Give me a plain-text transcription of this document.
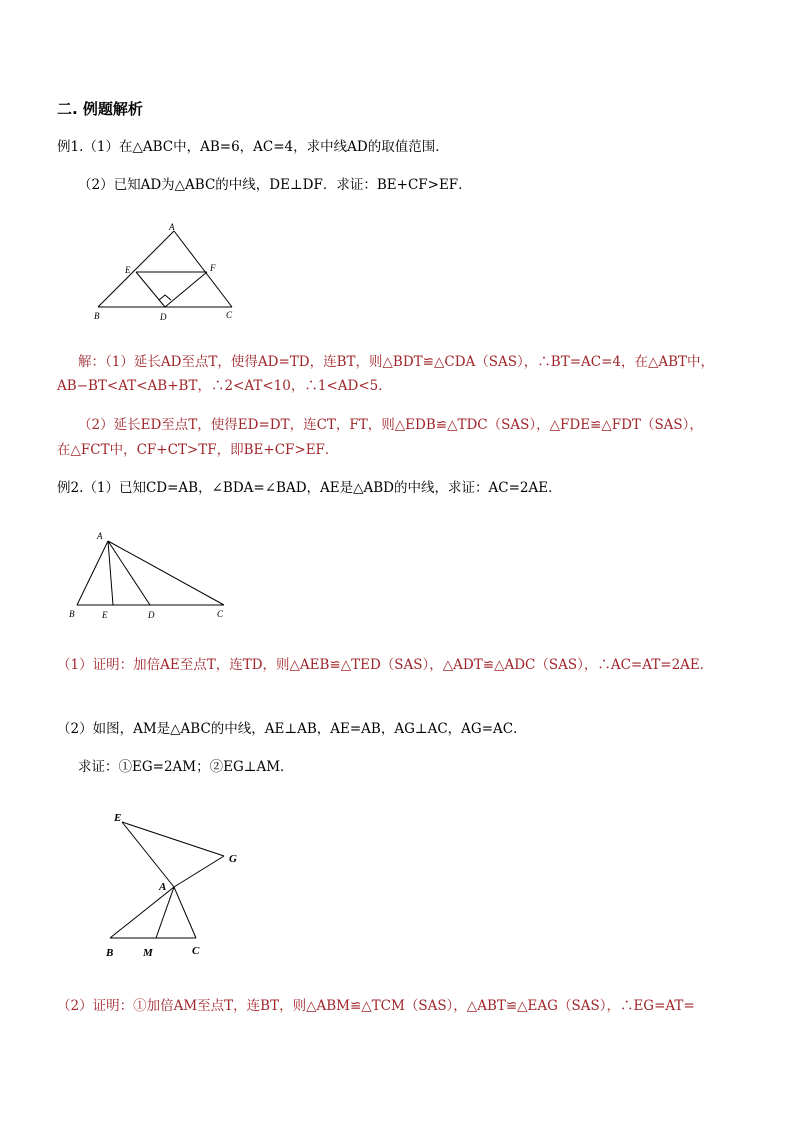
二. 例题解析
例1.（1）在△ABC中，AB=6，AC=4，求中线AD的取值范围．
（2）已知AD为△ABC的中线，DE⊥DF．求证：BE+CF>EF．
A
E	F
B	D	C
解：（1）延长AD至点T，使得AD=TD，连BT，则△BDT≌△CDA（SAS），∴BT=AC=4，在△ABT中，
AB−BT<AT<AB+BT，∴2<AT<10，∴1<AD<5．
（2）延长ED至点T，使得ED=DT，连CT，FT，则△EDB≌△TDC（SAS），△FDE≌△FDT（SAS），
在△FCT中，CF+CT>TF，即BE+CF>EF．
例2.（1）已知CD=AB，∠BDA=∠BAD，AE是△ABD的中线，求证：AC=2AE．
A
B	E	D	C
（1）证明：加倍AE至点T，连TD，则△AEB≌△TED（SAS），△ADT≌△ADC（SAS），∴AC=AT=2AE．
（2）如图，AM是△ABC的中线，AE⊥AB，AE=AB，AG⊥AC，AG=AC．
求证：①EG=2AM；②EG⊥AM．
E
G
A
B	M	C
（2）证明：①加倍AM至点T，连BT，则△ABM≌△TCM（SAS），△ABT≌△EAG（SAS），∴EG=AT=
